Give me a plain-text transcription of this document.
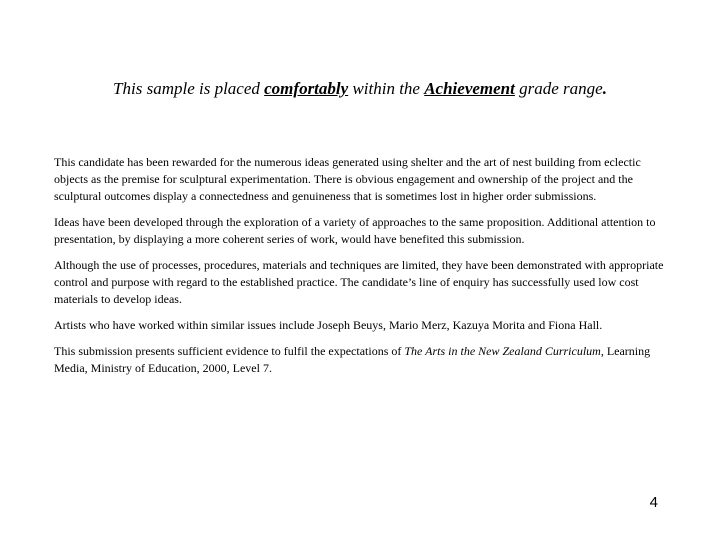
This sample is placed comfortably within the Achievement grade range.

This candidate has been rewarded for the numerous ideas generated using shelter and the art of nest building from eclectic objects as the premise for sculptural experimentation. There is obvious engagement and ownership of the project and the sculptural outcomes display a connectedness and genuineness that is sometimes lost in higher order submissions.

Ideas have been developed through the exploration of a variety of approaches to the same proposition. Additional attention to presentation, by displaying a more coherent series of work, would have benefited this submission.

Although the use of processes, procedures, materials and techniques are limited, they have been demonstrated with appropriate control and purpose with regard to the established practice. The candidate’s line of enquiry has successfully used low cost materials to develop ideas.

Artists who have worked within similar issues include Joseph Beuys, Mario Merz, Kazuya Morita and Fiona Hall.

This submission presents sufficient evidence to fulfil the expectations of The Arts in the New Zealand Curriculum, Learning Media, Ministry of Education, 2000, Level 7.

4
